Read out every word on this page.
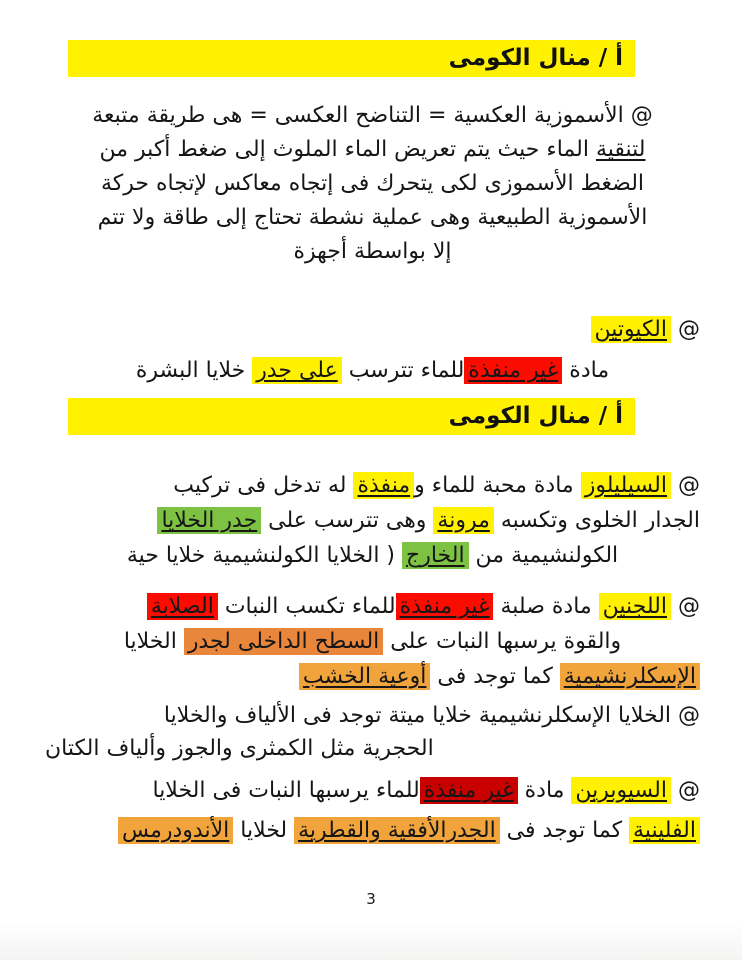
أ / منال الكومى
@ الأسموزية العكسية = التناضح العكسى = هى طريقة متبعة
لتنقية الماء حيث يتم تعريض الماء الملوث إلى ضغط أكبر من
الضغط الأسموزى لكى يتحرك فى إتجاه معاكس لإتجاه حركة
الأسموزية الطبيعية وهى عملية نشطة تحتاج إلى طاقة ولا تتم
إلا بواسطة أجهزة
@ الكيوتين
مادة غير منفذةللماء تترسب على جدر خلايا البشرة
أ / منال الكومى
@ السيليلوز مادة محبة للماء ومنفذة له تدخل فى تركيب
الجدار الخلوى وتكسبه مرونة وهى تترسب على جدر الخلايا
الكولنشيمية من الخارج ( الخلايا الكولنشيمية خلايا حية
@ اللجنين مادة صلبة غير منفذةللماء تكسب النبات الصلابة
والقوة يرسبها النبات على السطح الداخلى لجدر الخلايا
الإسكلرنشيمية كما توجد فى أوعية الخشب
@ الخلايا الإسكلرنشيمية خلايا ميتة توجد فى الألياف والخلايا
الحجرية مثل الكمثرى والجوز وألياف الكتان
@ السيوبرين مادة غير منفذةللماء يرسبها النبات فى الخلايا
الفلينية كما توجد فى الجدرالأفقية والقطرية لخلايا الأندودرمس
3
